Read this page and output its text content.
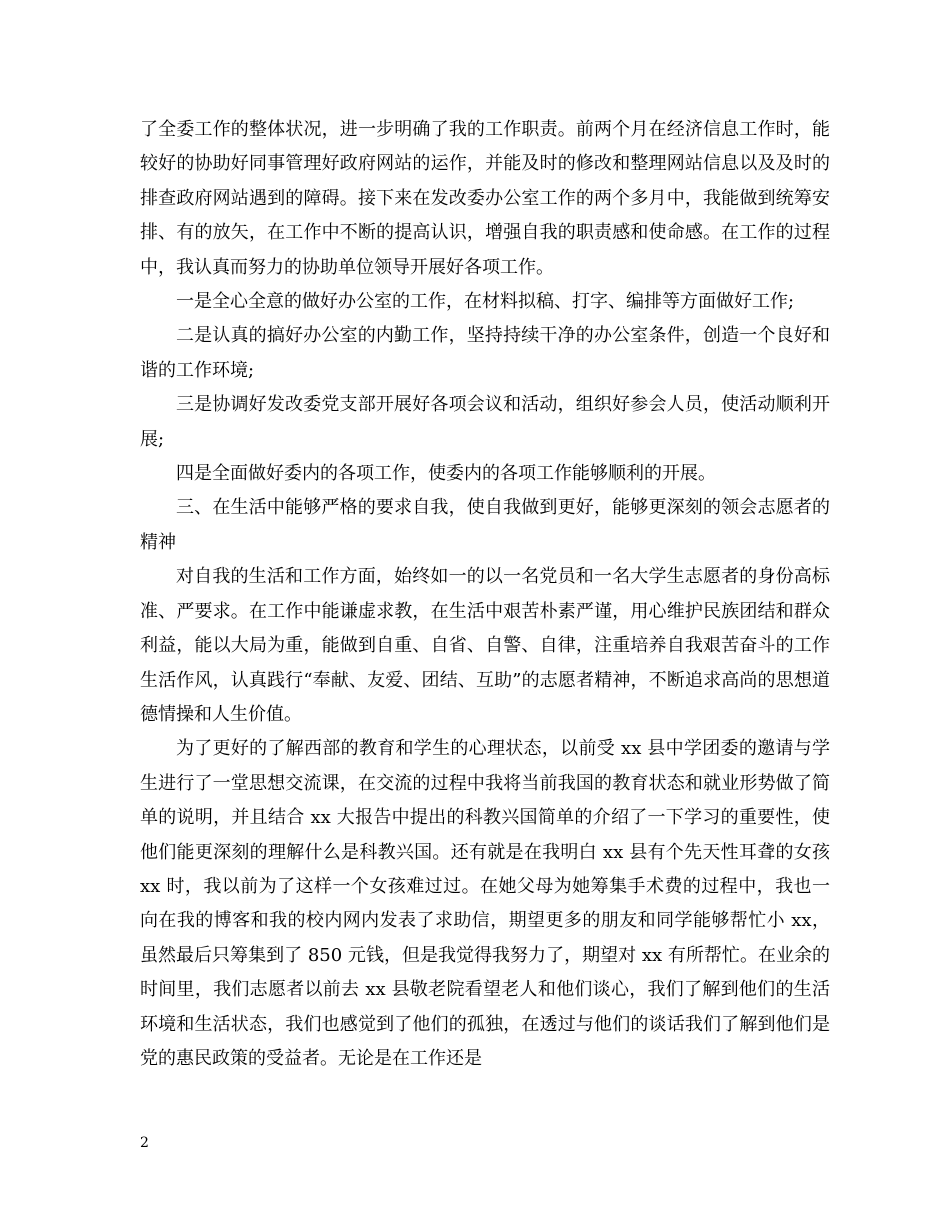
了全委工作的整体状况，进一步明确了我的工作职责。前两个月在经济信息工作时，能较好的协助好同事管理好政府网站的运作，并能及时的修改和整理网站信息以及及时的排查政府网站遇到的障碍。接下来在发改委办公室工作的两个多月中，我能做到统筹安排、有的放矢，在工作中不断的提高认识，增强自我的职责感和使命感。在工作的过程中，我认真而努力的协助单位领导开展好各项工作。

一是全心全意的做好办公室的工作，在材料拟稿、打字、编排等方面做好工作;

二是认真的搞好办公室的内勤工作，坚持持续干净的办公室条件，创造一个良好和谐的工作环境;

三是协调好发改委党支部开展好各项会议和活动，组织好参会人员，使活动顺利开展;

四是全面做好委内的各项工作，使委内的各项工作能够顺利的开展。

三、在生活中能够严格的要求自我，使自我做到更好，能够更深刻的领会志愿者的精神

对自我的生活和工作方面，始终如一的以一名党员和一名大学生志愿者的身份高标准、严要求。在工作中能谦虚求教，在生活中艰苦朴素严谨，用心维护民族团结和群众利益，能以大局为重，能做到自重、自省、自警、自律，注重培养自我艰苦奋斗的工作生活作风，认真践行“奉献、友爱、团结、互助”的志愿者精神，不断追求高尚的思想道德情操和人生价值。

为了更好的了解西部的教育和学生的心理状态，以前受 xx 县中学团委的邀请与学生进行了一堂思想交流课，在交流的过程中我将当前我国的教育状态和就业形势做了简单的说明，并且结合 xx 大报告中提出的科教兴国简单的介绍了一下学习的重要性，使他们能更深刻的理解什么是科教兴国。还有就是在我明白 xx 县有个先天性耳聋的女孩 xx 时，我以前为了这样一个女孩难过过。在她父母为她筹集手术费的过程中，我也一向在我的博客和我的校内网内发表了求助信，期望更多的朋友和同学能够帮忙小 xx，虽然最后只筹集到了 850 元钱，但是我觉得我努力了，期望对 xx 有所帮忙。在业余的时间里，我们志愿者以前去 xx 县敬老院看望老人和他们谈心，我们了解到他们的生活环境和生活状态，我们也感觉到了他们的孤独，在透过与他们的谈话我们了解到他们是党的惠民政策的受益者。无论是在工作还是

2
